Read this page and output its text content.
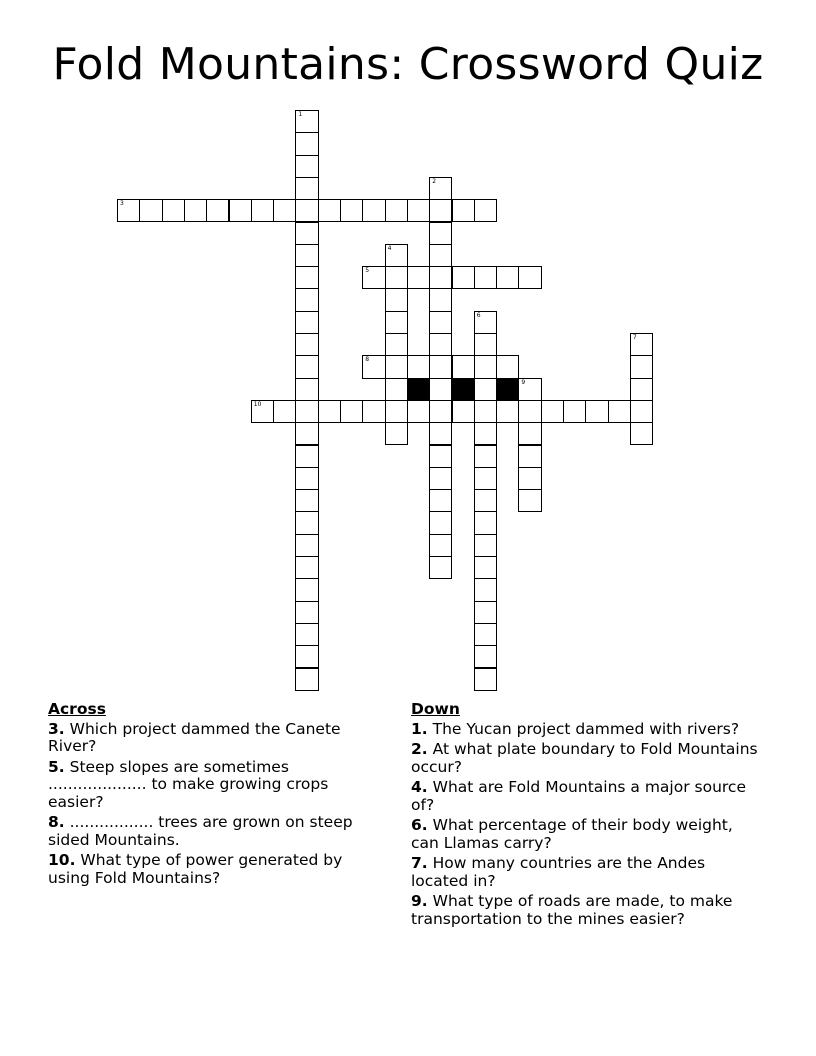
Fold Mountains: Crossword Quiz
1
2
3
4
5
6
7
8
9
10
Across
3. Which project dammed the Canete River?
5. Steep slopes are sometimes .................... to make growing crops easier?
8. ................. trees are grown on steep sided Mountains.
10. What type of power generated by using Fold Mountains?
Down
1. The Yucan project dammed with rivers?
2. At what plate boundary to Fold Mountains occur?
4. What are Fold Mountains a major source of?
6. What percentage of their body weight, can Llamas carry?
7. How many countries are the Andes located in?
9. What type of roads are made, to make transportation to the mines easier?
